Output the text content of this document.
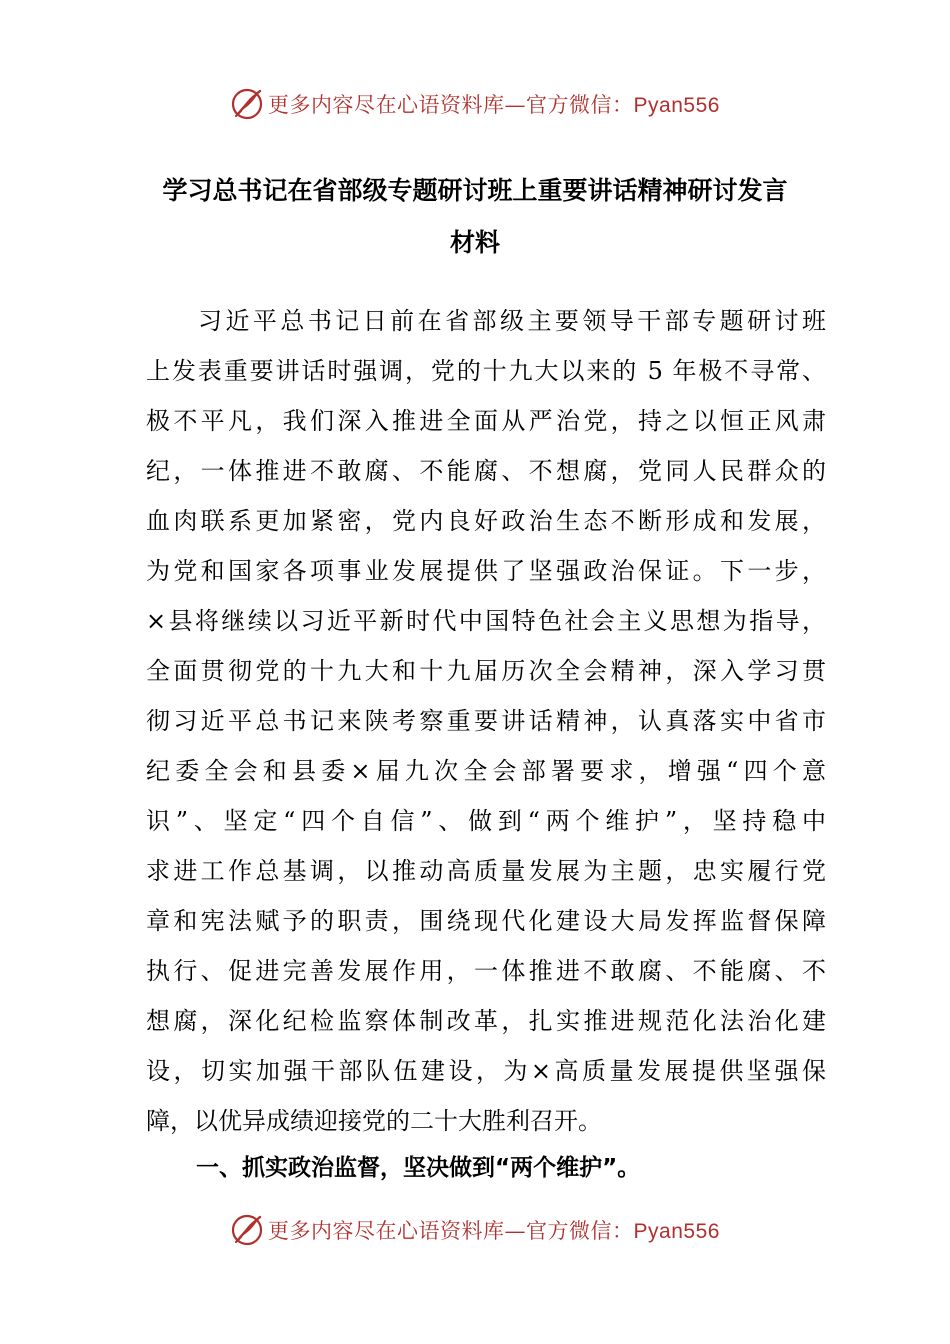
更多内容尽在心语资料库—官方微信：Pyan556
学习总书记在省部级专题研讨班上重要讲话精神研讨发言
材料
习近平总书记日前在省部级主要领导干部专题研讨班
上发表重要讲话时强调，党的十九大以来的 5 年极不寻常、
极不平凡，我们深入推进全面从严治党，持之以恒正风肃
纪，一体推进不敢腐、不能腐、不想腐，党同人民群众的
血肉联系更加紧密，党内良好政治生态不断形成和发展，
为党和国家各项事业发展提供了坚强政治保证。下一步，
×县将继续以习近平新时代中国特色社会主义思想为指导，
全面贯彻党的十九大和十九届历次全会精神，深入学习贯
彻习近平总书记来陕考察重要讲话精神，认真落实中省市
纪委全会和县委×届九次全会部署要求，增强“四个意
识”、坚定“四个自信”、做到“两个维护”，坚持稳中
求进工作总基调，以推动高质量发展为主题，忠实履行党
章和宪法赋予的职责，围绕现代化建设大局发挥监督保障
执行、促进完善发展作用，一体推进不敢腐、不能腐、不
想腐，深化纪检监察体制改革，扎实推进规范化法治化建
设，切实加强干部队伍建设，为×高质量发展提供坚强保
障，以优异成绩迎接党的二十大胜利召开。
一、抓实政治监督，坚决做到“两个维护”。
更多内容尽在心语资料库—官方微信：Pyan556
